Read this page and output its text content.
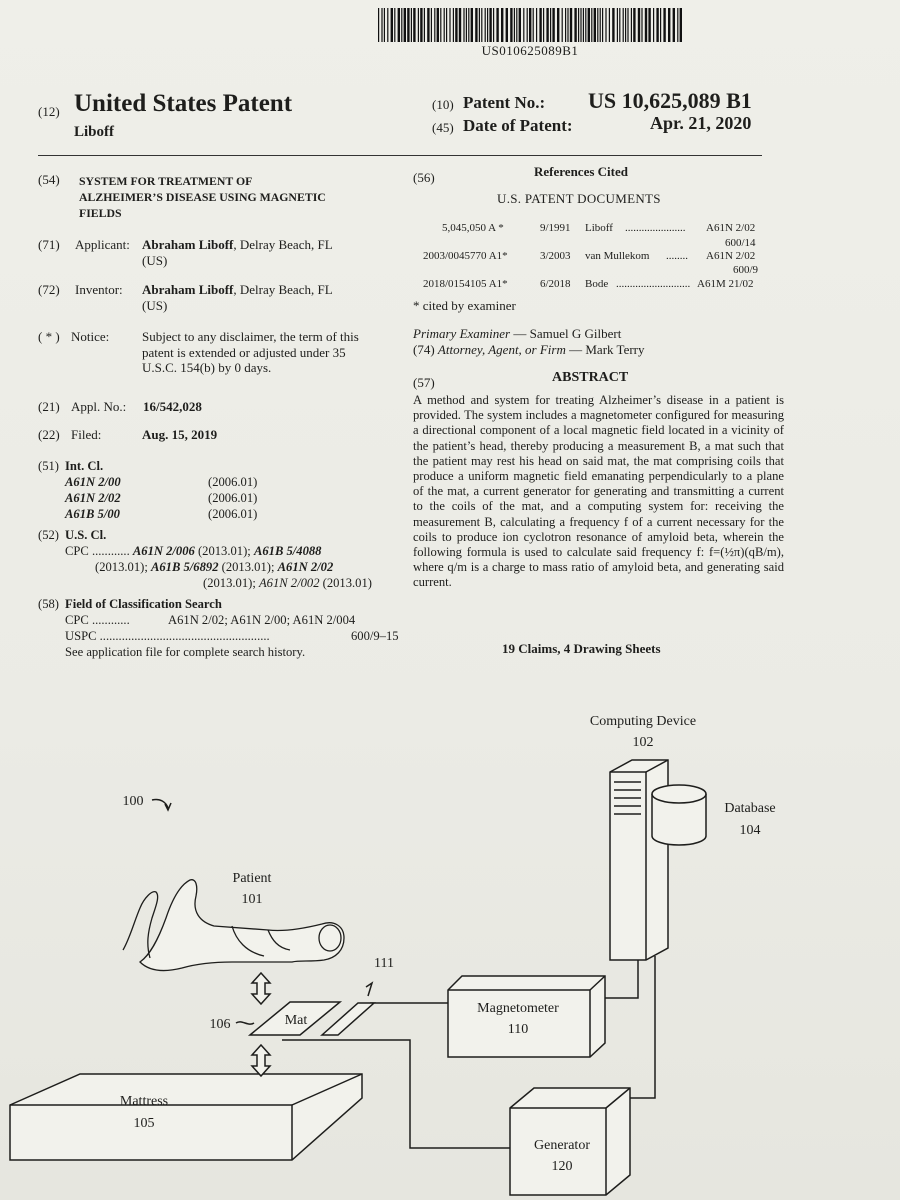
US010625089B1
(12) United States Patent
Liboff
(10) Patent No.: US 10,625,089 B1
(45) Date of Patent:	Apr. 21, 2020
(54) SYSTEM FOR TREATMENT OF
ALZHEIMER’S DISEASE USING MAGNETIC
FIELDS
(71) Applicant: Abraham Liboff, Delray Beach, FL
(US)
(72) Inventor: Abraham Liboff, Delray Beach, FL
(US)
( * ) Notice:	Subject to any disclaimer, the term of this
patent is extended or adjusted under 35
U.S.C. 154(b) by 0 days.
(21) Appl. No.: 16/542,028
(22) Filed:	Aug. 15, 2019
(51) Int. Cl.
A61N 2/00	(2006.01)
A61N 2/02	(2006.01)
A61B 5/00	(2006.01)
(52) U.S. Cl.
CPC ............ A61N 2/006 (2013.01); A61B 5/4088
(2013.01); A61B 5/6892 (2013.01); A61N 2/02
(2013.01); A61N 2/002 (2013.01)
(58) Field of Classification Search
CPC ............	A61N 2/02; A61N 2/00; A61N 2/004
USPC ......................................................	600/9–15
See application file for complete search history.
(56)	References Cited
U.S. PATENT DOCUMENTS
5,045,050 A *	9/1991 Liboff ...................... A61N 2/02
600/14
2003/0045770 A1*	3/2003 van Mullekom ........ A61N 2/02
600/9
2018/0154105 A1*	6/2018 Bode ........................... A61M 21/02
* cited by examiner
Primary Examiner — Samuel G Gilbert
(74) Attorney, Agent, or Firm — Mark Terry
(57)	ABSTRACT
A method and system for treating Alzheimer’s disease in a patient is provided. The system includes a magnetometer configured for measuring a directional component of a local magnetic field located in a vicinity of the patient’s head, thereby producing a measurement B, a mat such that the patient may rest his head on said mat, the mat comprising coils that produce a uniform magnetic field emanating perpendicularly to a plane of the mat, a current generator for generating and transmitting a current to the coils of the mat, and a computing system for: receiving the measurement B, calculating a frequency f of a current necessary for the coils to produce ion cyclotron resonance of amyloid beta, wherein the following formula is used to calculate said frequency f: f=(½π)(qB/m), where q/m is a charge to mass ratio of amyloid beta, and generating said current.
19 Claims, 4 Drawing Sheets
Computing Device
102
Database
104
100
Patient
101
111
Mat
106
Magnetometer
110
Mattress
105
Generator
120
